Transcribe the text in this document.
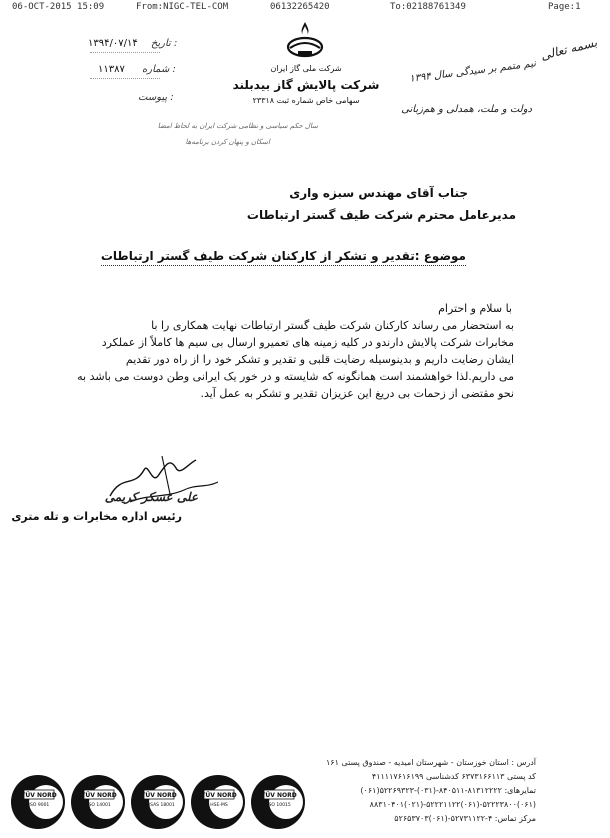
06-OCT-2015 15:09	From:NIGC-TEL-COM	06132265420	To:02188761349	Page:1
۱۳۹۴/۰۷/۱۴ تاریخ :
۱۱۳۸۷ شماره :
پیوست :
شرکت ملی گاز ایران
شرکت پالایش گاز بیدبلند
سهامی خاص شماره ثبت ۲۳۳۱۸
سال حکم سیاسی و نظامی شرکت ایران به لحاظ امضا
اسکان و پنهان کردن برنامه‌ها
بسمه تعالی
نیم متمم بر سیدگی سال ۱۳۹۴
دولت و ملت، همدلی و هم‌زبانی
جناب آقای مهندس سبزه واری
مدیرعامل محترم شرکت طیف گستر ارتباطات
موضوع :تقدیر و تشکر از کارکنان شرکت طیف گستر ارتباطات
با سلام و احترام
به استحضار می رساند کارکنان شرکت طیف گستر ارتباطات نهایت همکاری را با
مخابرات شرکت پالایش دارندو در کلیه زمینه های تعمیرو ارسال بی سیم ها کاملاً از عملکرد
ایشان رضایت داریم و بدینوسیله رضایت قلبی و تقدیر و تشکر خود را از راه دور تقدیم
می داریم.لذا خواهشمند است همانگونه که شایسته و در خور یک ایرانی وطن دوست می باشد به
نحو مقتضی از زحمات بی دریغ این عزیزان تقدیر و تشکر به عمل آید.
علی عسکر کریمی
رئیس اداره مخابرات و تله متری
آدرس : استان خوزستان - شهرستان امیدیه - صندوق پستی ۱۶۱
کد پستی ۶۳۷۳۱۶۶۱۱۳ کدشناسی ۴۱۱۱۱۷۶۱۶۱۹۹
تمایرهای: ۸۱۳۱۲۲۲۲-۸۴۰۵۱۱-(۰۳۱)-۵۲۲۶۹۳۲۳(۰۶۱)
(۰۶۱)۵۲۲۲۳۸۰۰-(۰۶۱)۵۲۲۲۱۱۲۲-(۰۲۱)۸۸۳۱۰۴۰۱
مرکز تماس: ۴-۵۲۷۳۱۱۲۲-(۰۶۱)۵۲۶۵۳۷۰۳
TÜV NORD
ISO 9001
TÜV NORD
ISO 14001
TÜV NORD
OHSAS 18001
TÜV NORD
HSE-MS
TÜV NORD
ISO 10015
